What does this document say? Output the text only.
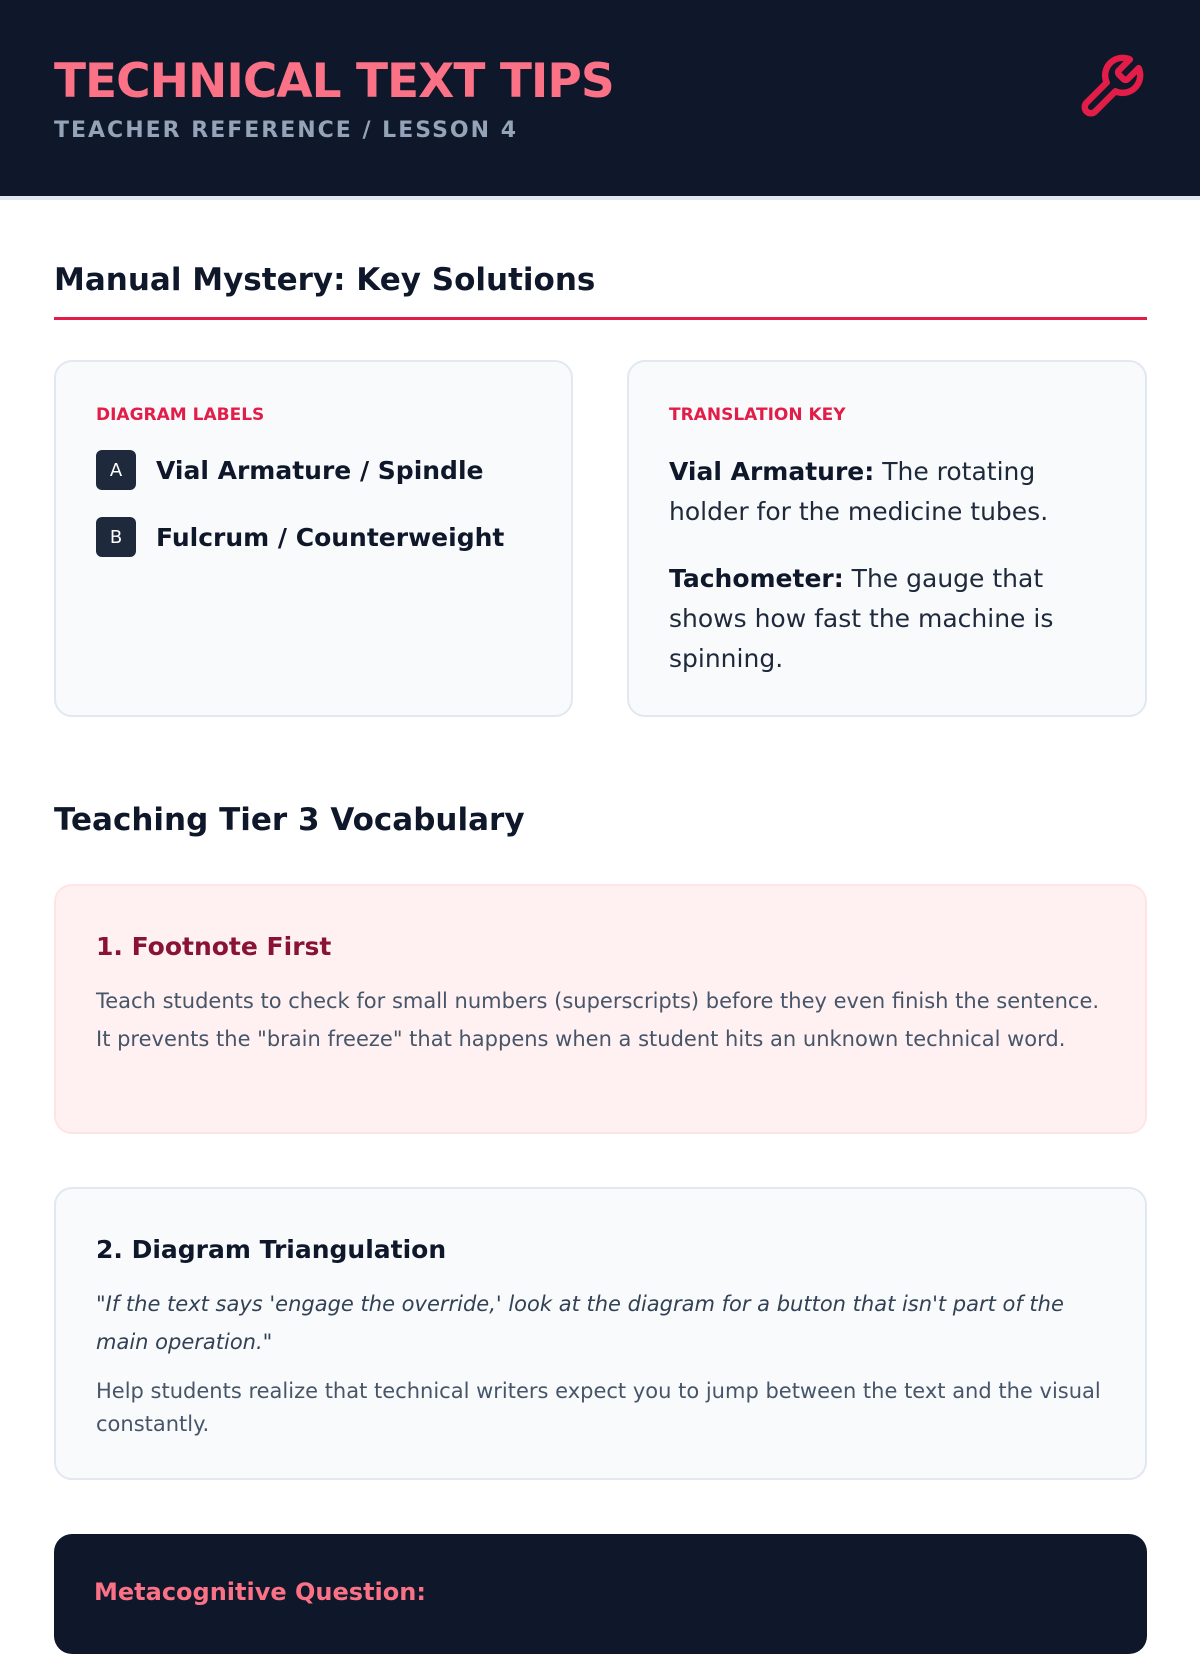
TECHNICAL TEXT TIPS
TEACHER REFERENCE / LESSON 4
Manual Mystery: Key Solutions
DIAGRAM LABELS
A	Vial Armature / Spindle
B	Fulcrum / Counterweight
TRANSLATION KEY
Vial Armature: The rotating holder for the medicine tubes.
Tachometer: The gauge that shows how fast the machine is spinning.
Teaching Tier 3 Vocabulary
1. Footnote First
Teach students to check for small numbers (superscripts) before they even finish the sentence. It prevents the "brain freeze" that happens when a student hits an unknown technical word.
2. Diagram Triangulation
"If the text says 'engage the override,' look at the diagram for a button that isn't part of the main operation."
Help students realize that technical writers expect you to jump between the text and the visual constantly.
Metacognitive Question:
